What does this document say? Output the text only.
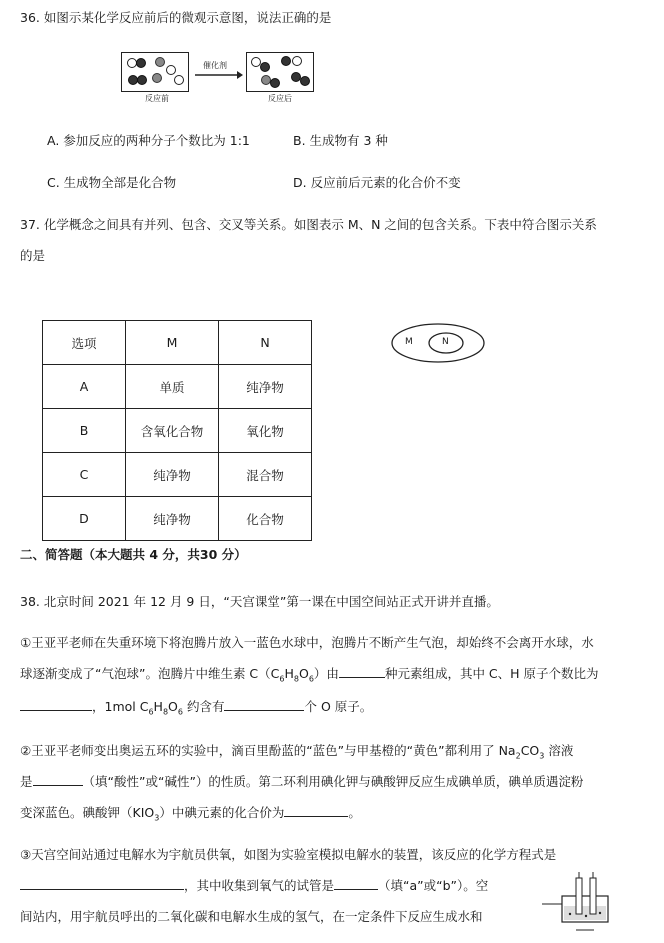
36. 如图示某化学反应前后的微观示意图，说法正确的是
反应前
催化剂
反应后
A. 参加反应的两种分子个数比为 1:1	B. 生成物有 3 种
C. 生成物全部是化合物	D. 反应前后元素的化合价不变
37. 化学概念之间具有并列、包含、交叉等关系。如图表示 M、N 之间的包含关系。下表中符合图示关系
的是
选项	M	N
A	单质	纯净物
B	含氧化合物	氧化物
C	纯净物	混合物
D	纯净物	化合物
M	N
二、简答题（本大题共 4 分，共30 分）
38. 北京时间 2021 年 12 月 9 日，“天宫课堂”第一课在中国空间站正式开讲并直播。
①王亚平老师在失重环境下将泡腾片放入一蓝色水球中，泡腾片不断产生气泡，却始终不会离开水球，水
球逐渐变成了“气泡球”。泡腾片中维生素 $C(C_6H_8O_6)$由	种元素组成，其中 C、H 原子个数比为
，1mol $C_6H_8O_6$ 约含有	个 O 原子。
②王亚平老师变出奥运五环的实验中，滴百里酚蓝的“蓝色”与甲基橙的“黄色”都利用了 $Na_2CO_3$ 溶液
是	（填“酸性”或“碱性”）的性质。第二环利用碘化钾与碘酸钾反应生成碘单质，碘单质遇淀粉
变深蓝色。碘酸钾$(KIO_3)$中碘元素的化合价为	。
③天宫空间站通过电解水为宇航员供氧，如图为实验室模拟电解水的装置，该反应的化学方程式是
，其中收集到氧气的试管是	（填“a”或“b”）。空
间站内，用宇航员呼出的二氧化碳和电解水生成的氢气，在一定条件下反应生成水和
